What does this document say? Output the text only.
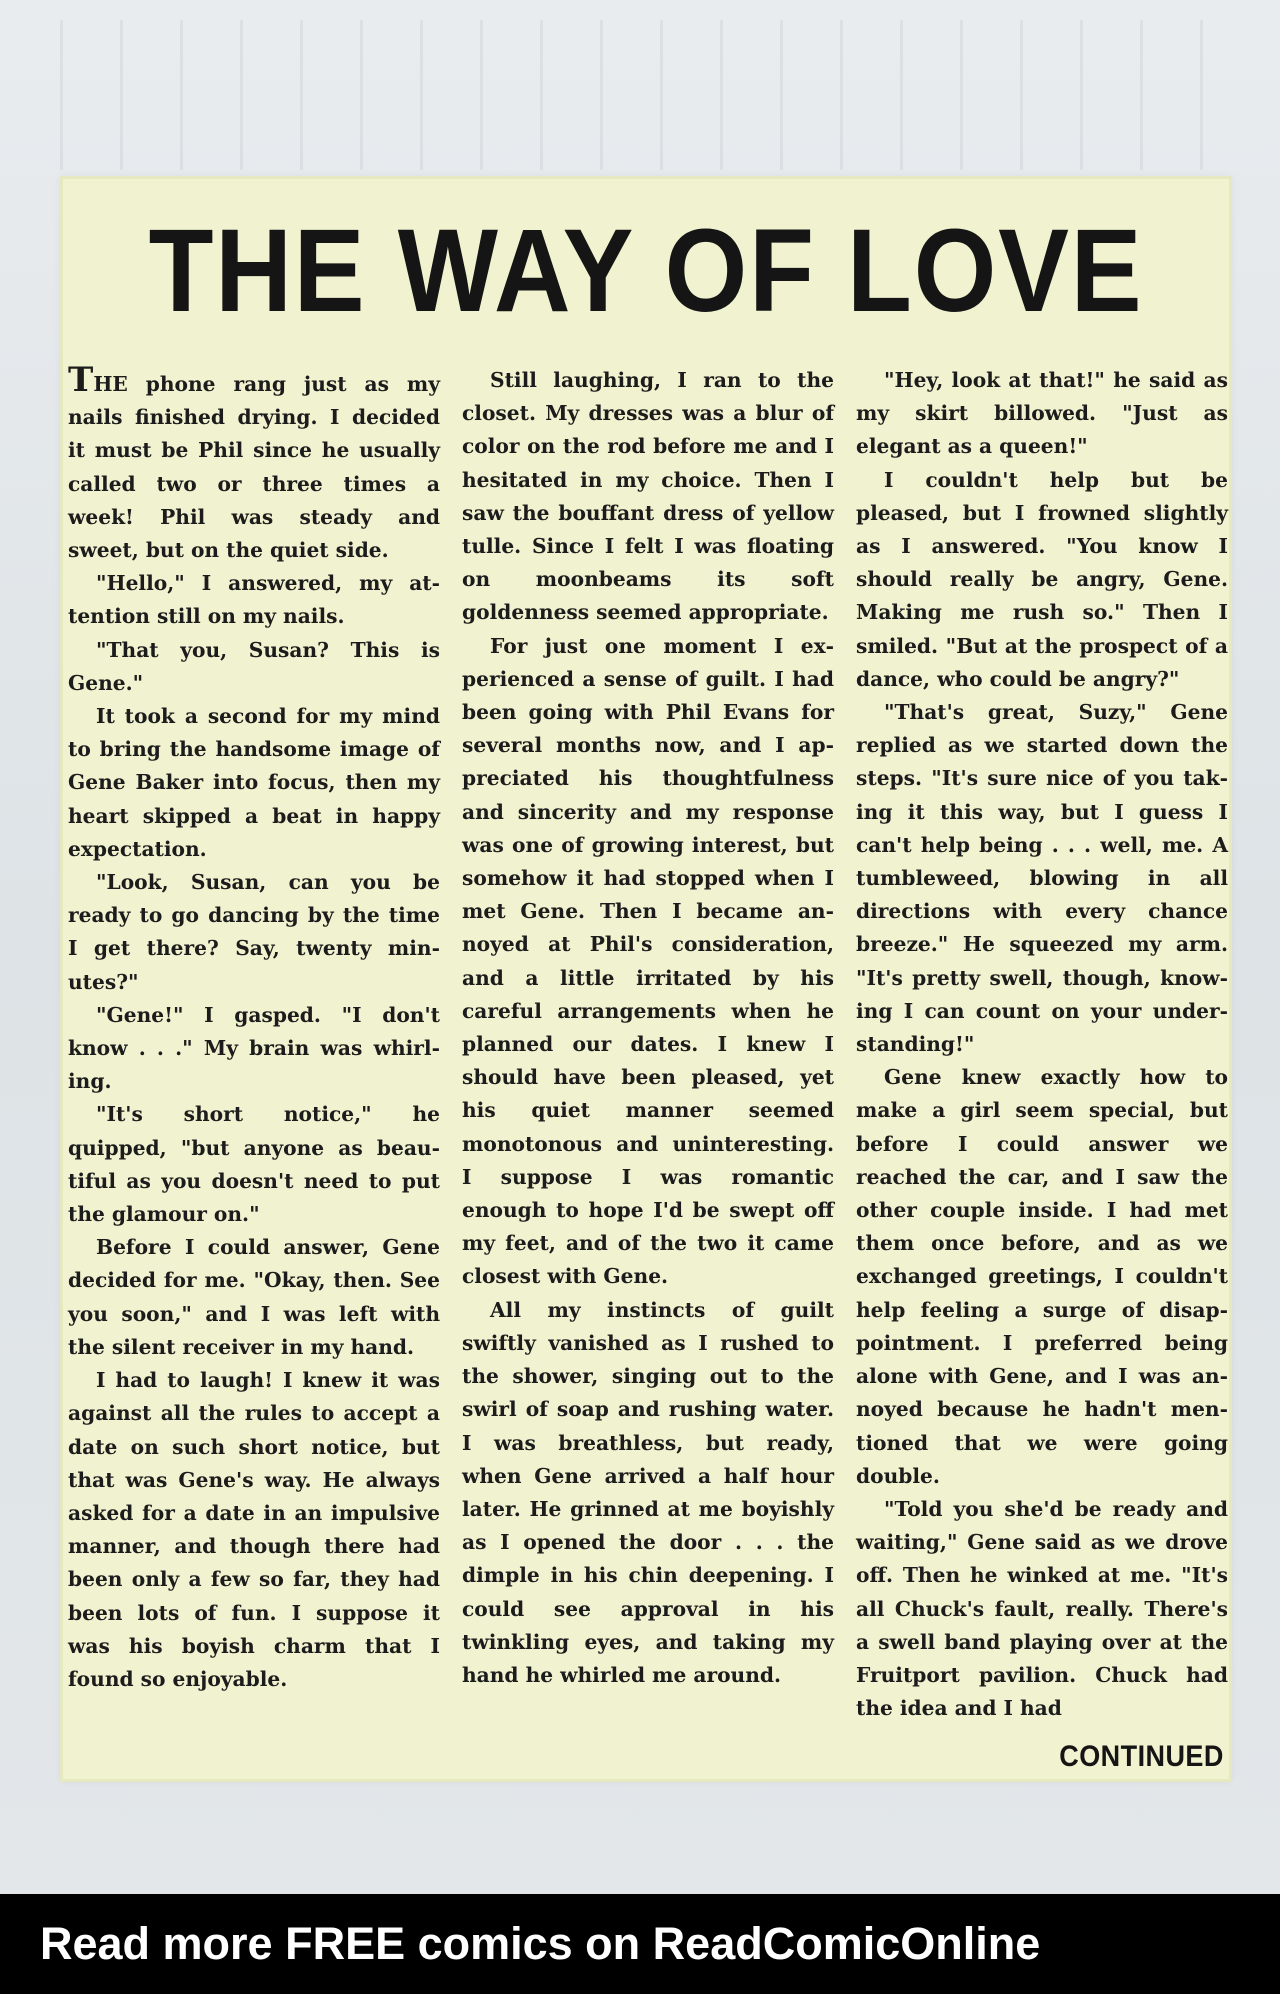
THE WAY OF LOVE

THE phone rang just as my nails finished drying. I decided it must be Phil since he usually called two or three times a week! Phil was steady and sweet, but on the quiet side.

"Hello," I answered, my attention still on my nails.

"That you, Susan? This is Gene."

It took a second for my mind to bring the handsome image of Gene Baker into focus, then my heart skipped a beat in happy expectation.

"Look, Susan, can you be ready to go dancing by the time I get there? Say, twenty minutes?"

"Gene!" I gasped. "I don't know . . ." My brain was whirling.

"It's short notice," he quipped, "but anyone as beautiful as you doesn't need to put the glamour on."

Before I could answer, Gene decided for me. "Okay, then. See you soon," and I was left with the silent receiver in my hand.

I had to laugh! I knew it was against all the rules to accept a date on such short notice, but that was Gene's way. He always asked for a date in an impulsive manner, and though there had been only a few so far, they had been lots of fun. I suppose it was his boyish charm that I found so enjoyable.

Still laughing, I ran to the closet. My dresses was a blur of color on the rod before me and I hesitated in my choice. Then I saw the bouffant dress of yellow tulle. Since I felt I was floating on moonbeams its soft goldenness seemed appropriate.

For just one moment I experienced a sense of guilt. I had been going with Phil Evans for several months now, and I appreciated his thoughtfulness and sincerity and my response was one of growing interest, but somehow it had stopped when I met Gene. Then I became annoyed at Phil's consideration, and a little irritated by his careful arrangements when he planned our dates. I knew I should have been pleased, yet his quiet manner seemed monotonous and uninteresting. I suppose I was romantic enough to hope I'd be swept off my feet, and of the two it came closest with Gene.

All my instincts of guilt swiftly vanished as I rushed to the shower, singing out to the swirl of soap and rushing water. I was breathless, but ready, when Gene arrived a half hour later. He grinned at me boyishly as I opened the door . . . the dimple in his chin deepening. I could see approval in his twinkling eyes, and taking my hand he whirled me around.

"Hey, look at that!" he said as my skirt billowed. "Just as elegant as a queen!"

I couldn't help but be pleased, but I frowned slightly as I answered. "You know I should really be angry, Gene. Making me rush so." Then I smiled. "But at the prospect of a dance, who could be angry?"

"That's great, Suzy," Gene replied as we started down the steps. "It's sure nice of you taking it this way, but I guess I can't help being . . . well, me. A tumbleweed, blowing in all directions with every chance breeze." He squeezed my arm. "It's pretty swell, though, knowing I can count on your understanding!"

Gene knew exactly how to make a girl seem special, but before I could answer we reached the car, and I saw the other couple inside. I had met them once before, and as we exchanged greetings, I couldn't help feeling a surge of disappointment. I preferred being alone with Gene, and I was annoyed because he hadn't mentioned that we were going double.

"Told you she'd be ready and waiting," Gene said as we drove off. Then he winked at me. "It's all Chuck's fault, really. There's a swell band playing over at the Fruitport pavilion. Chuck had the idea and I had

CONTINUED

Read more FREE comics on ReadComicOnline
